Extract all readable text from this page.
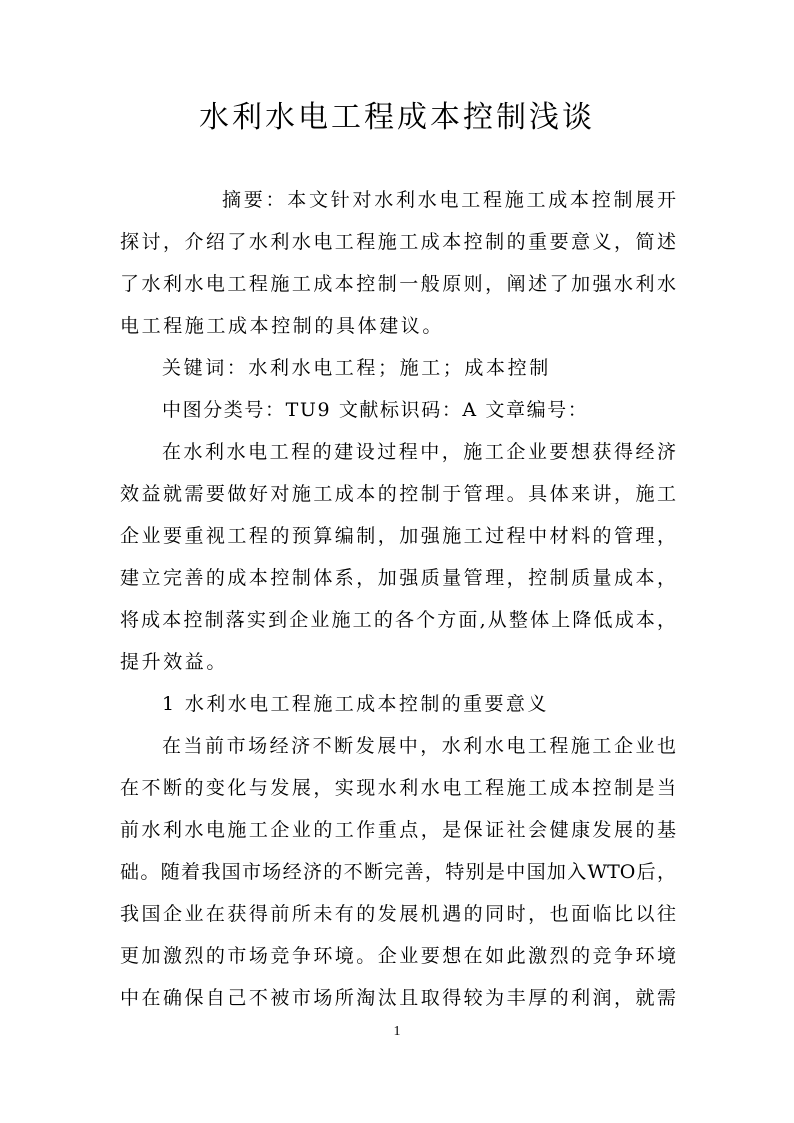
水利水电工程成本控制浅谈
摘要：本文针对水利水电工程施工成本控制展开
探讨，介绍了水利水电工程施工成本控制的重要意义，简述
了水利水电工程施工成本控制一般原则，阐述了加强水利水
电工程施工成本控制的具体建议。
关键词：水利水电工程；施工；成本控制
中图分类号：TU9 文献标识码：A 文章编号：
在水利水电工程的建设过程中，施工企业要想获得经济
效益就需要做好对施工成本的控制于管理。具体来讲，施工
企业要重视工程的预算编制，加强施工过程中材料的管理，
建立完善的成本控制体系，加强质量管理，控制质量成本，
将成本控制落实到企业施工的各个方面,从整体上降低成本，
提升效益。
1 水利水电工程施工成本控制的重要意义
在当前市场经济不断发展中，水利水电工程施工企业也
在不断的变化与发展，实现水利水电工程施工成本控制是当
前水利水电施工企业的工作重点，是保证社会健康发展的基
础。随着我国市场经济的不断完善，特别是中国加入WTO后，
我国企业在获得前所未有的发展机遇的同时，也面临比以往
更加激烈的市场竞争环境。企业要想在如此激烈的竞争环境
中在确保自己不被市场所淘汰且取得较为丰厚的利润，就需
1
